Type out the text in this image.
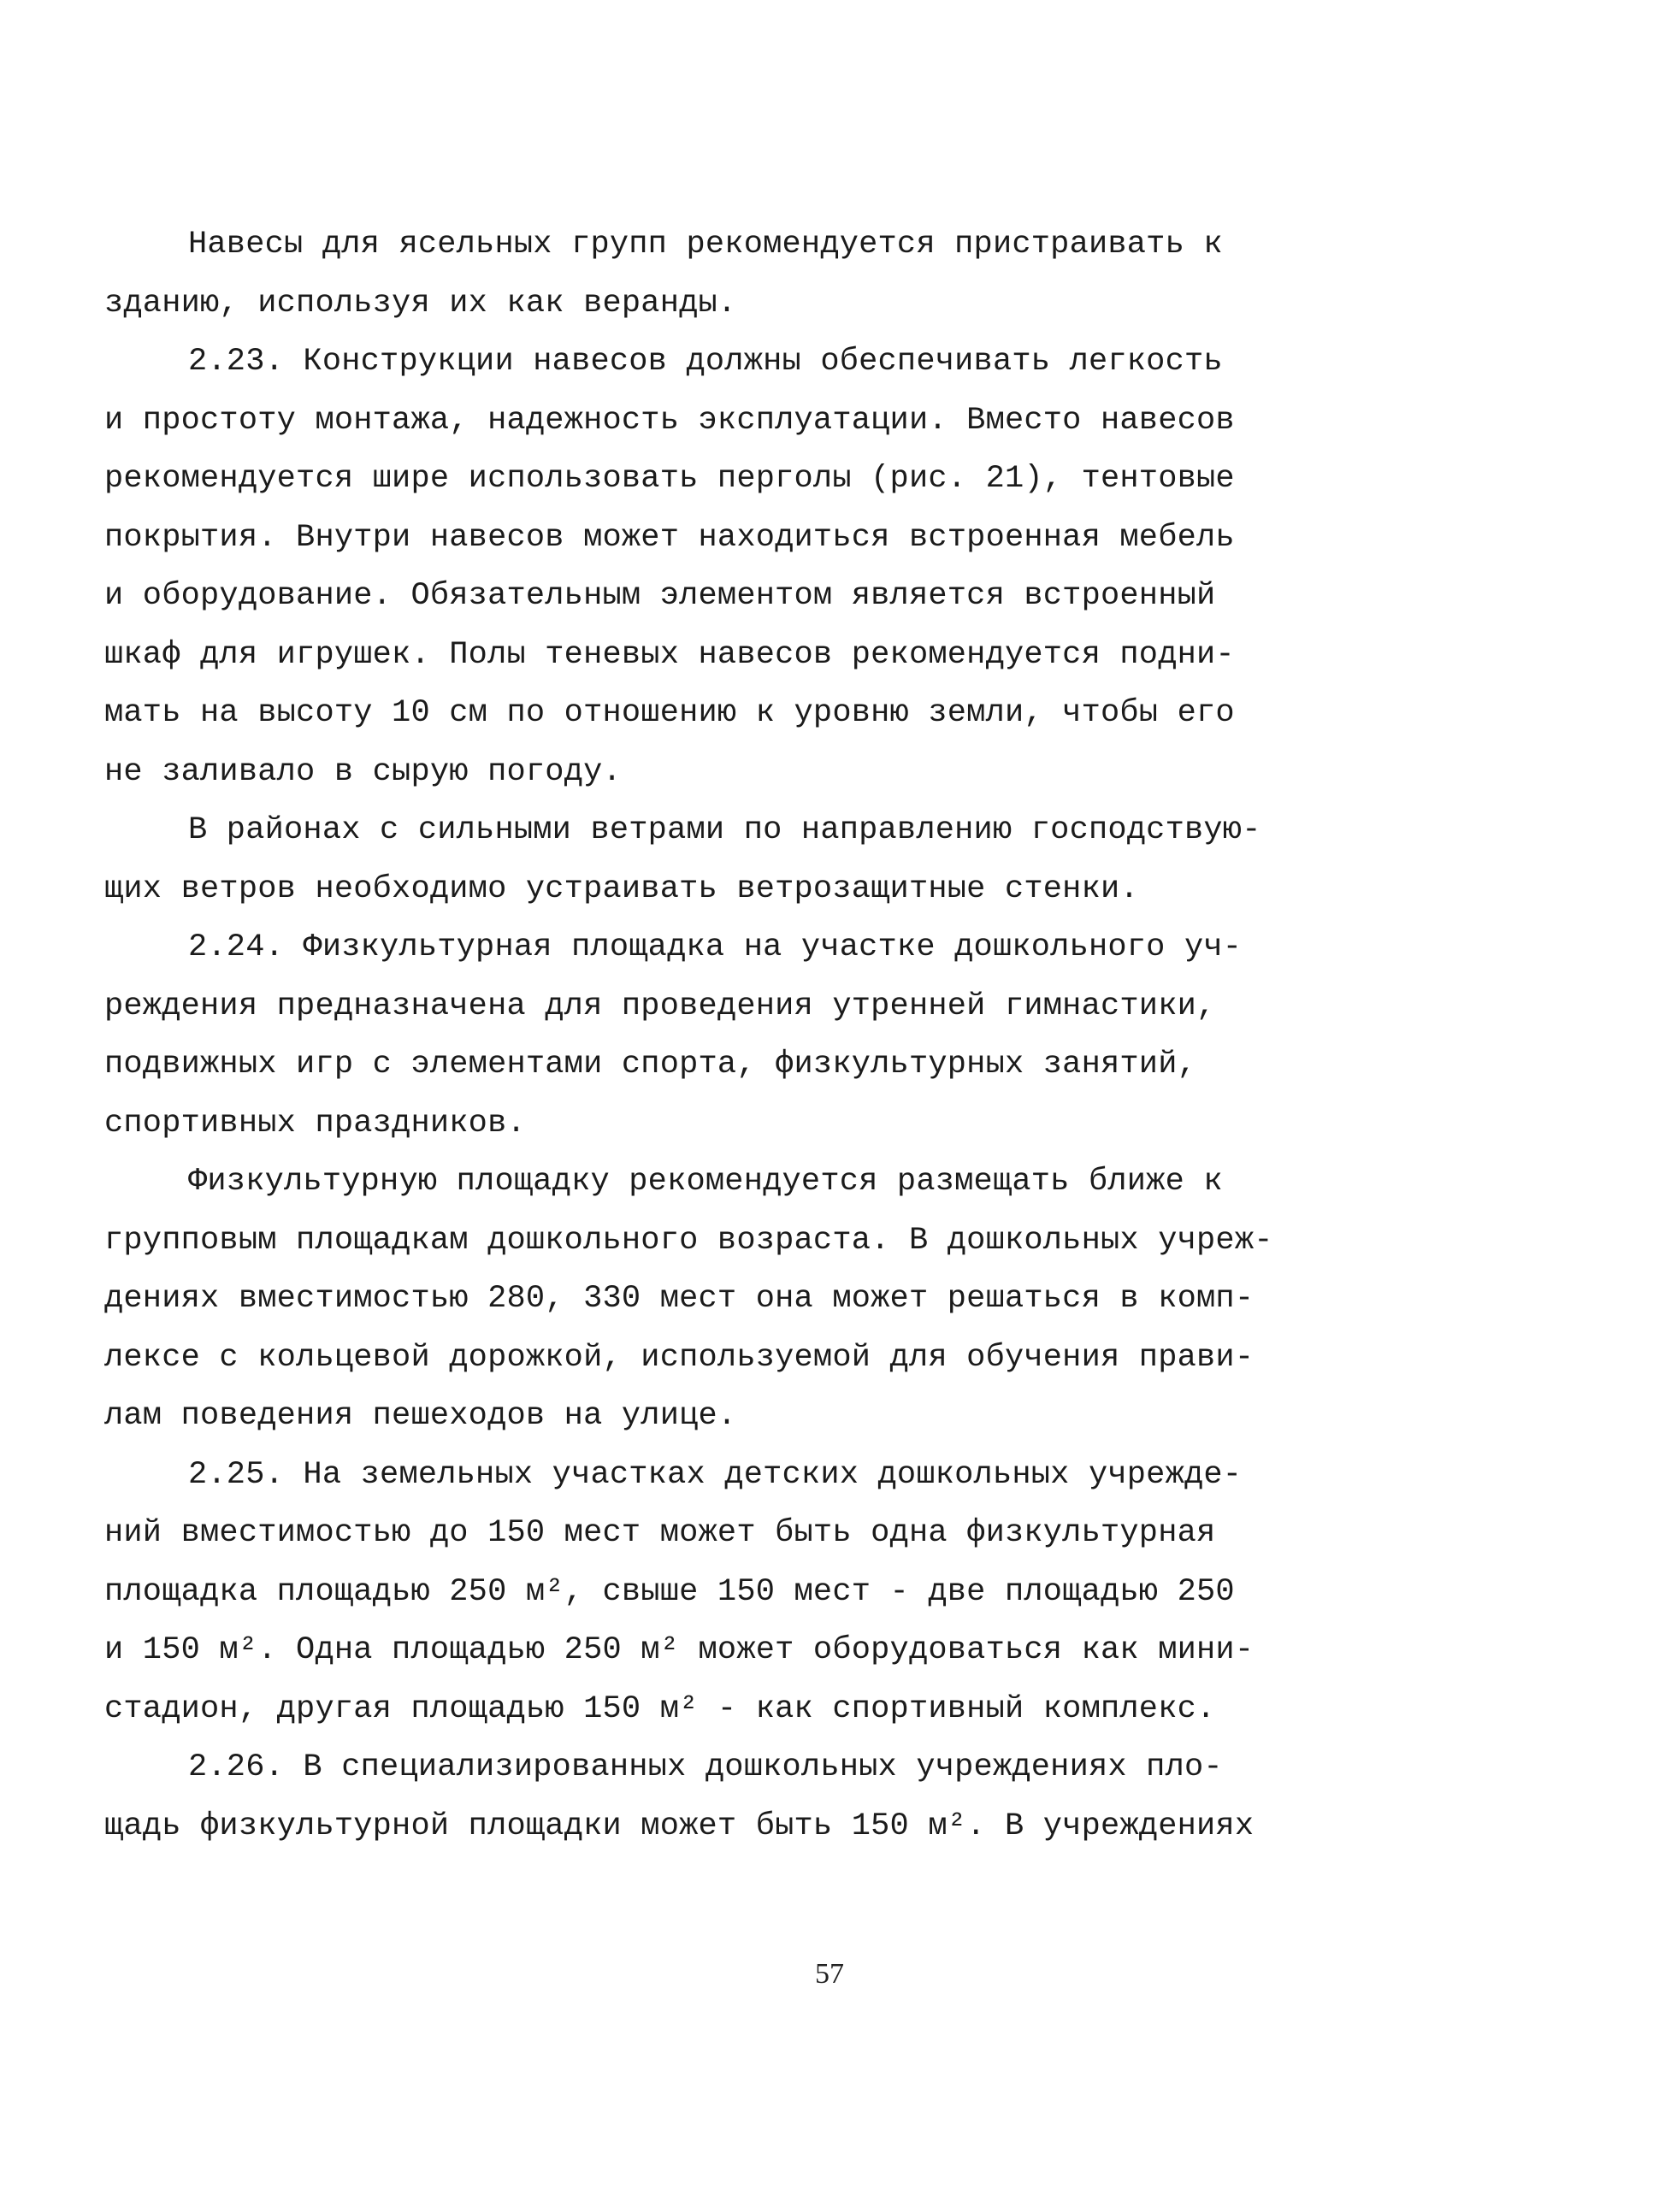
Навесы для ясельных групп рекомендуется пристраивать к
зданию, используя их как веранды.
2.23. Конструкции навесов должны обеспечивать легкость
и простоту монтажа, надежность эксплуатации. Вместо навесов
рекомендуется шире использовать перголы (рис. 21), тентовые
покрытия. Внутри навесов может находиться встроенная мебель
и оборудование. Обязательным элементом является встроенный
шкаф для игрушек. Полы теневых навесов рекомендуется подни-
мать на высоту 10 см по отношению к уровню земли, чтобы его
не заливало в сырую погоду.
В районах с сильными ветрами по направлению господствую-
щих ветров необходимо устраивать ветрозащитные стенки.
2.24. Физкультурная площадка на участке дошкольного уч-
реждения предназначена для проведения утренней гимнастики,
подвижных игр с элементами спорта, физкультурных занятий,
спортивных праздников.
Физкультурную площадку рекомендуется размещать ближе к
групповым площадкам дошкольного возраста. В дошкольных учреж-
дениях вместимостью 280, 330 мест она может решаться в комп-
лексе с кольцевой дорожкой, используемой для обучения прави-
лам поведения пешеходов на улице.
2.25. На земельных участках детских дошкольных учрежде-
ний вместимостью до 150 мест может быть одна физкультурная
площадка площадью 250 м², свыше 150 мест - две площадью 250
и 150 м². Одна площадью 250 м² может оборудоваться как мини-
стадион, другая площадью 150 м² - как спортивный комплекс.
2.26. В специализированных дошкольных учреждениях пло-
щадь физкультурной площадки может быть 150 м². В учреждениях
57
